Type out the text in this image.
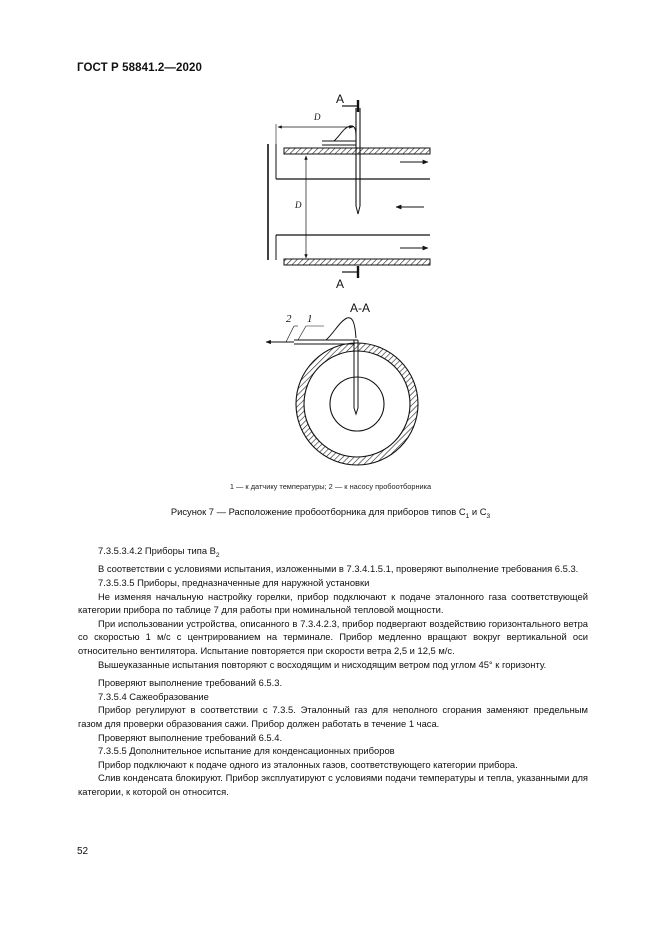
ГОСТ Р 58841.2—2020
А
А
D
D
А-А
2 1
1 — к датчику температуры; 2 — к насосу пробоотборника
Рисунок 7 — Расположение пробоотборника для приборов типов $С_1$ и $С_3$

7.3.5.3.4.2 Приборы типа $В_2$

В соответствии с условиями испытания, изложенными в 7.3.4.1.5.1, проверяют выполнение требования 6.5.3.

7.3.5.3.5 Приборы, предназначенные для наружной установки

Не изменяя начальную настройку горелки, прибор подключают к подаче эталонного газа соответствующей категории прибора по таблице 7 для работы при номинальной тепловой мощности.

При использовании устройства, описанного в 7.3.4.2.3, прибор подвергают воздействию горизонтального ветра со скоростью 1 м/с с центрированием на терминале. Прибор медленно вращают вокруг вертикальной оси относительно вентилятора. Испытание повторяется при скорости ветра 2,5 и 12,5 м/с.

Вышеуказанные испытания повторяют с восходящим и нисходящим ветром под углом 45° к горизонту.

Проверяют выполнение требований 6.5.3.

7.3.5.4 Сажеобразование

Прибор регулируют в соответствии с 7.3.5. Эталонный газ для неполного сгорания заменяют предельным газом для проверки образования сажи. Прибор должен работать в течение 1 часа.

Проверяют выполнение требований 6.5.4.

7.3.5.5 Дополнительное испытание для конденсационных приборов

Прибор подключают к подаче одного из эталонных газов, соответствующего категории прибора.

Слив конденсата блокируют. Прибор эксплуатируют с условиями подачи температуры и тепла, указанными для категории, к которой он относится.

52
